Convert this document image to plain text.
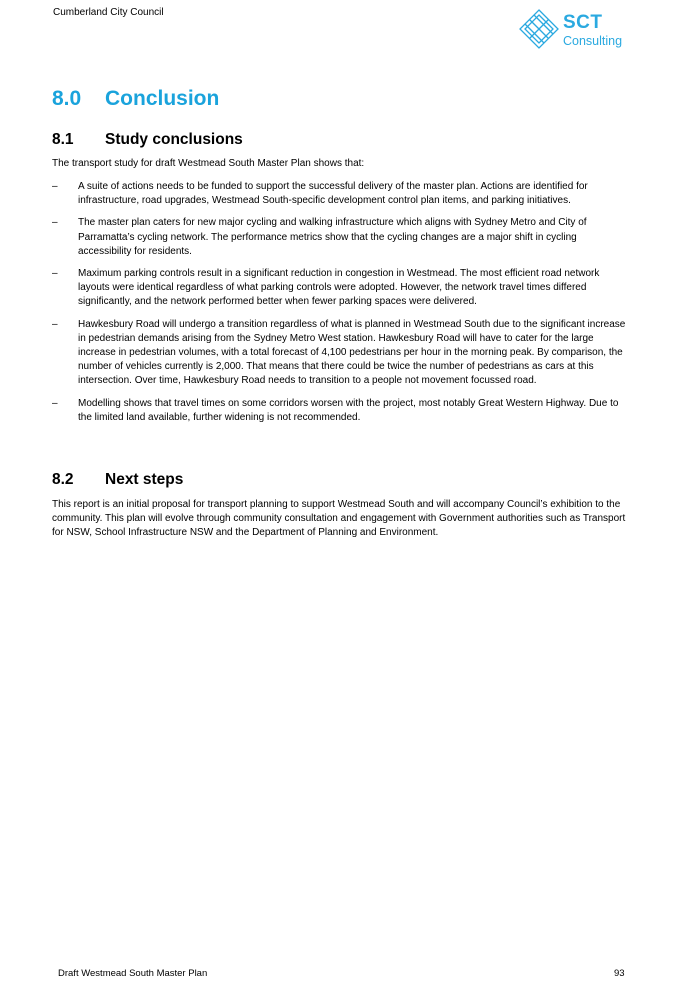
Cumberland City Council	SCT
Consulting
8.0 Conclusion
8.1 Study conclusions

The transport study for draft Westmead South Master Plan shows that:

– A suite of actions needs to be funded to support the successful delivery of the master plan. Actions are identified for infrastructure, road upgrades, Westmead South-specific development control plan items, and parking initiatives.
– The master plan caters for new major cycling and walking infrastructure which aligns with Sydney Metro and City of Parramatta’s cycling network. The performance metrics show that the cycling changes are a major shift in cycling accessibility for residents.
– Maximum parking controls result in a significant reduction in congestion in Westmead. The most efficient road network layouts were identical regardless of what parking controls were adopted. However, the network travel times differed significantly, and the network performed better when fewer parking spaces were delivered.
– Hawkesbury Road will undergo a transition regardless of what is planned in Westmead South due to the significant increase in pedestrian demands arising from the Sydney Metro West station. Hawkesbury Road will have to cater for the large increase in pedestrian volumes, with a total forecast of 4,100 pedestrians per hour in the morning peak. By comparison, the number of vehicles currently is 2,000. That means that there could be twice the number of pedestrians as cars at this intersection. Over time, Hawkesbury Road needs to transition to a people not movement focussed road.
– Modelling shows that travel times on some corridors worsen with the project, most notably Great Western Highway. Due to the limited land available, further widening is not recommended.
8.2 Next steps

This report is an initial proposal for transport planning to support Westmead South and will accompany Council’s exhibition to the community. This plan will evolve through community consultation and engagement with Government authorities such as Transport for NSW, School Infrastructure NSW and the Department of Planning and Environment.

Draft Westmead South Master Plan	93
